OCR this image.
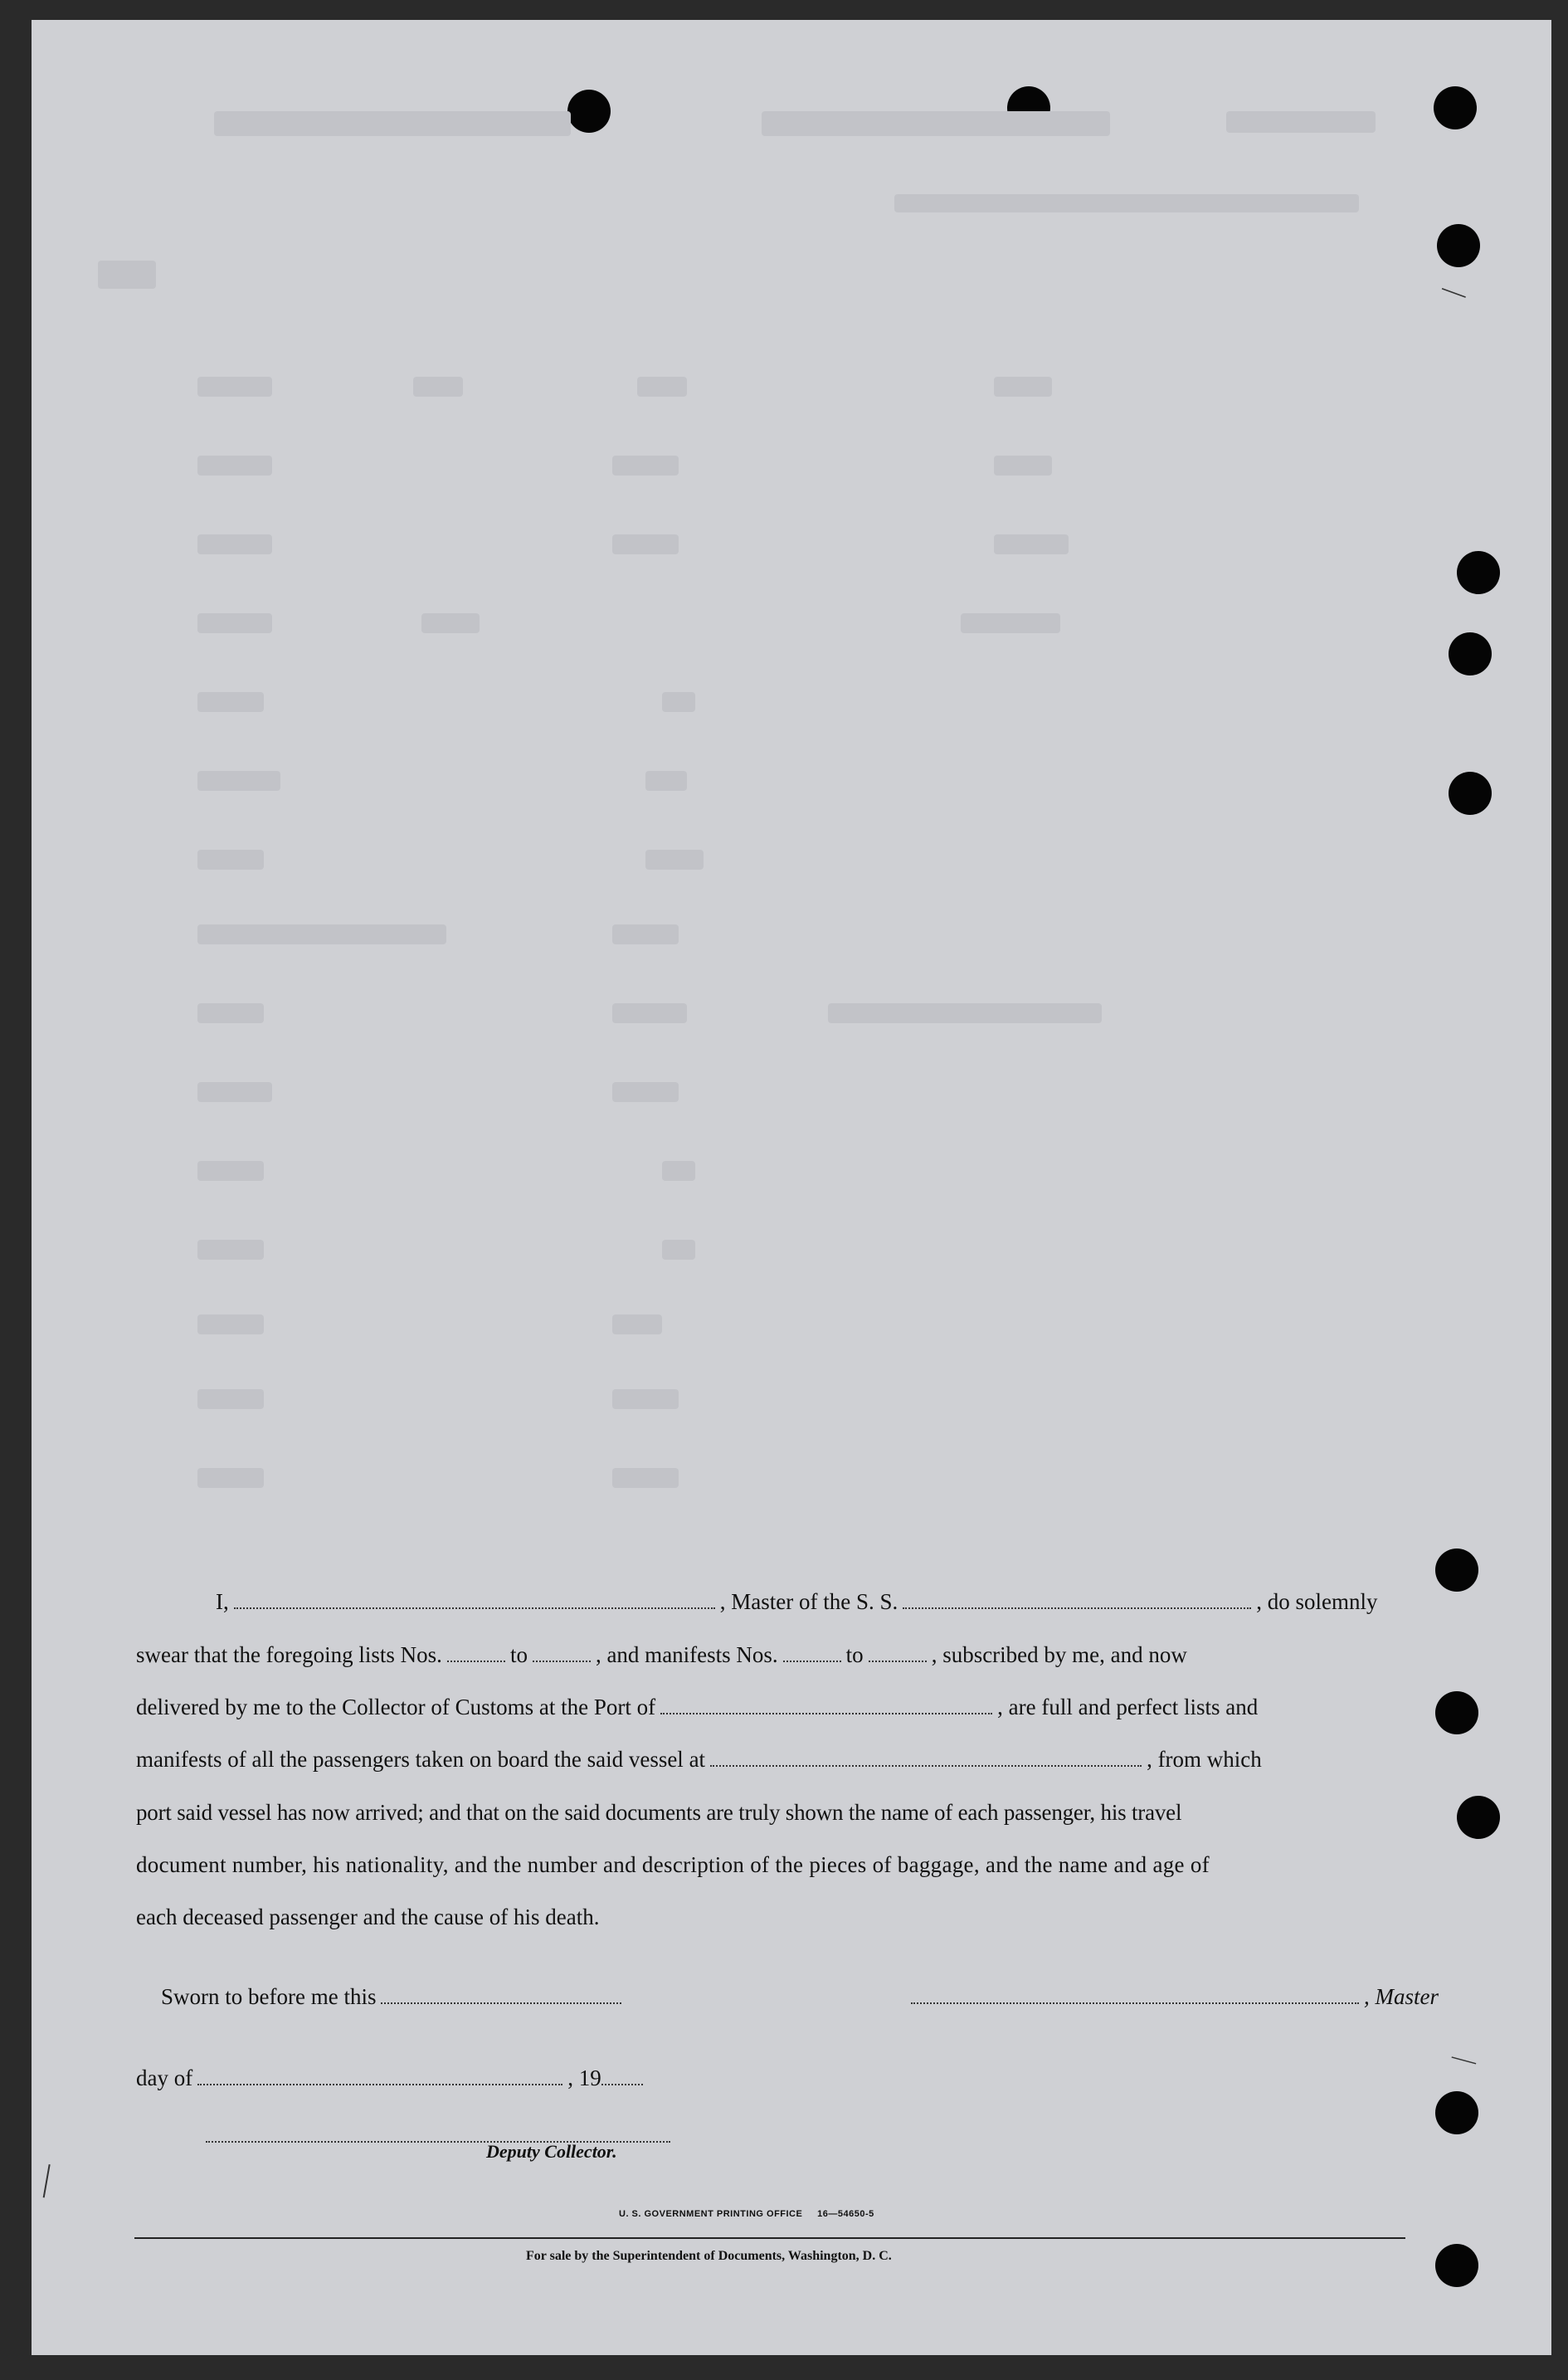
I,	, Master of the S. S.	, do solemnly
swear that the foregoing lists Nos.	to	, and manifests Nos.	to	, subscribed by me, and now
delivered by me to the Collector of Customs at the Port of	, are full and perfect lists and
manifests of all the passengers taken on board the said vessel at	, from which
port said vessel has now arrived; and that on the said documents are truly shown the name of each passenger, his travel
document number, his nationality, and the number and description of the pieces of baggage, and the name and age of
each deceased passenger and the cause of his death.
Sworn to before me this	, Master
day of	, 19
Deputy Collector.
U. S. GOVERNMENT PRINTING OFFICE     16—54650-5
For sale by the Superintendent of Documents, Washington, D. C.
—
—
—
